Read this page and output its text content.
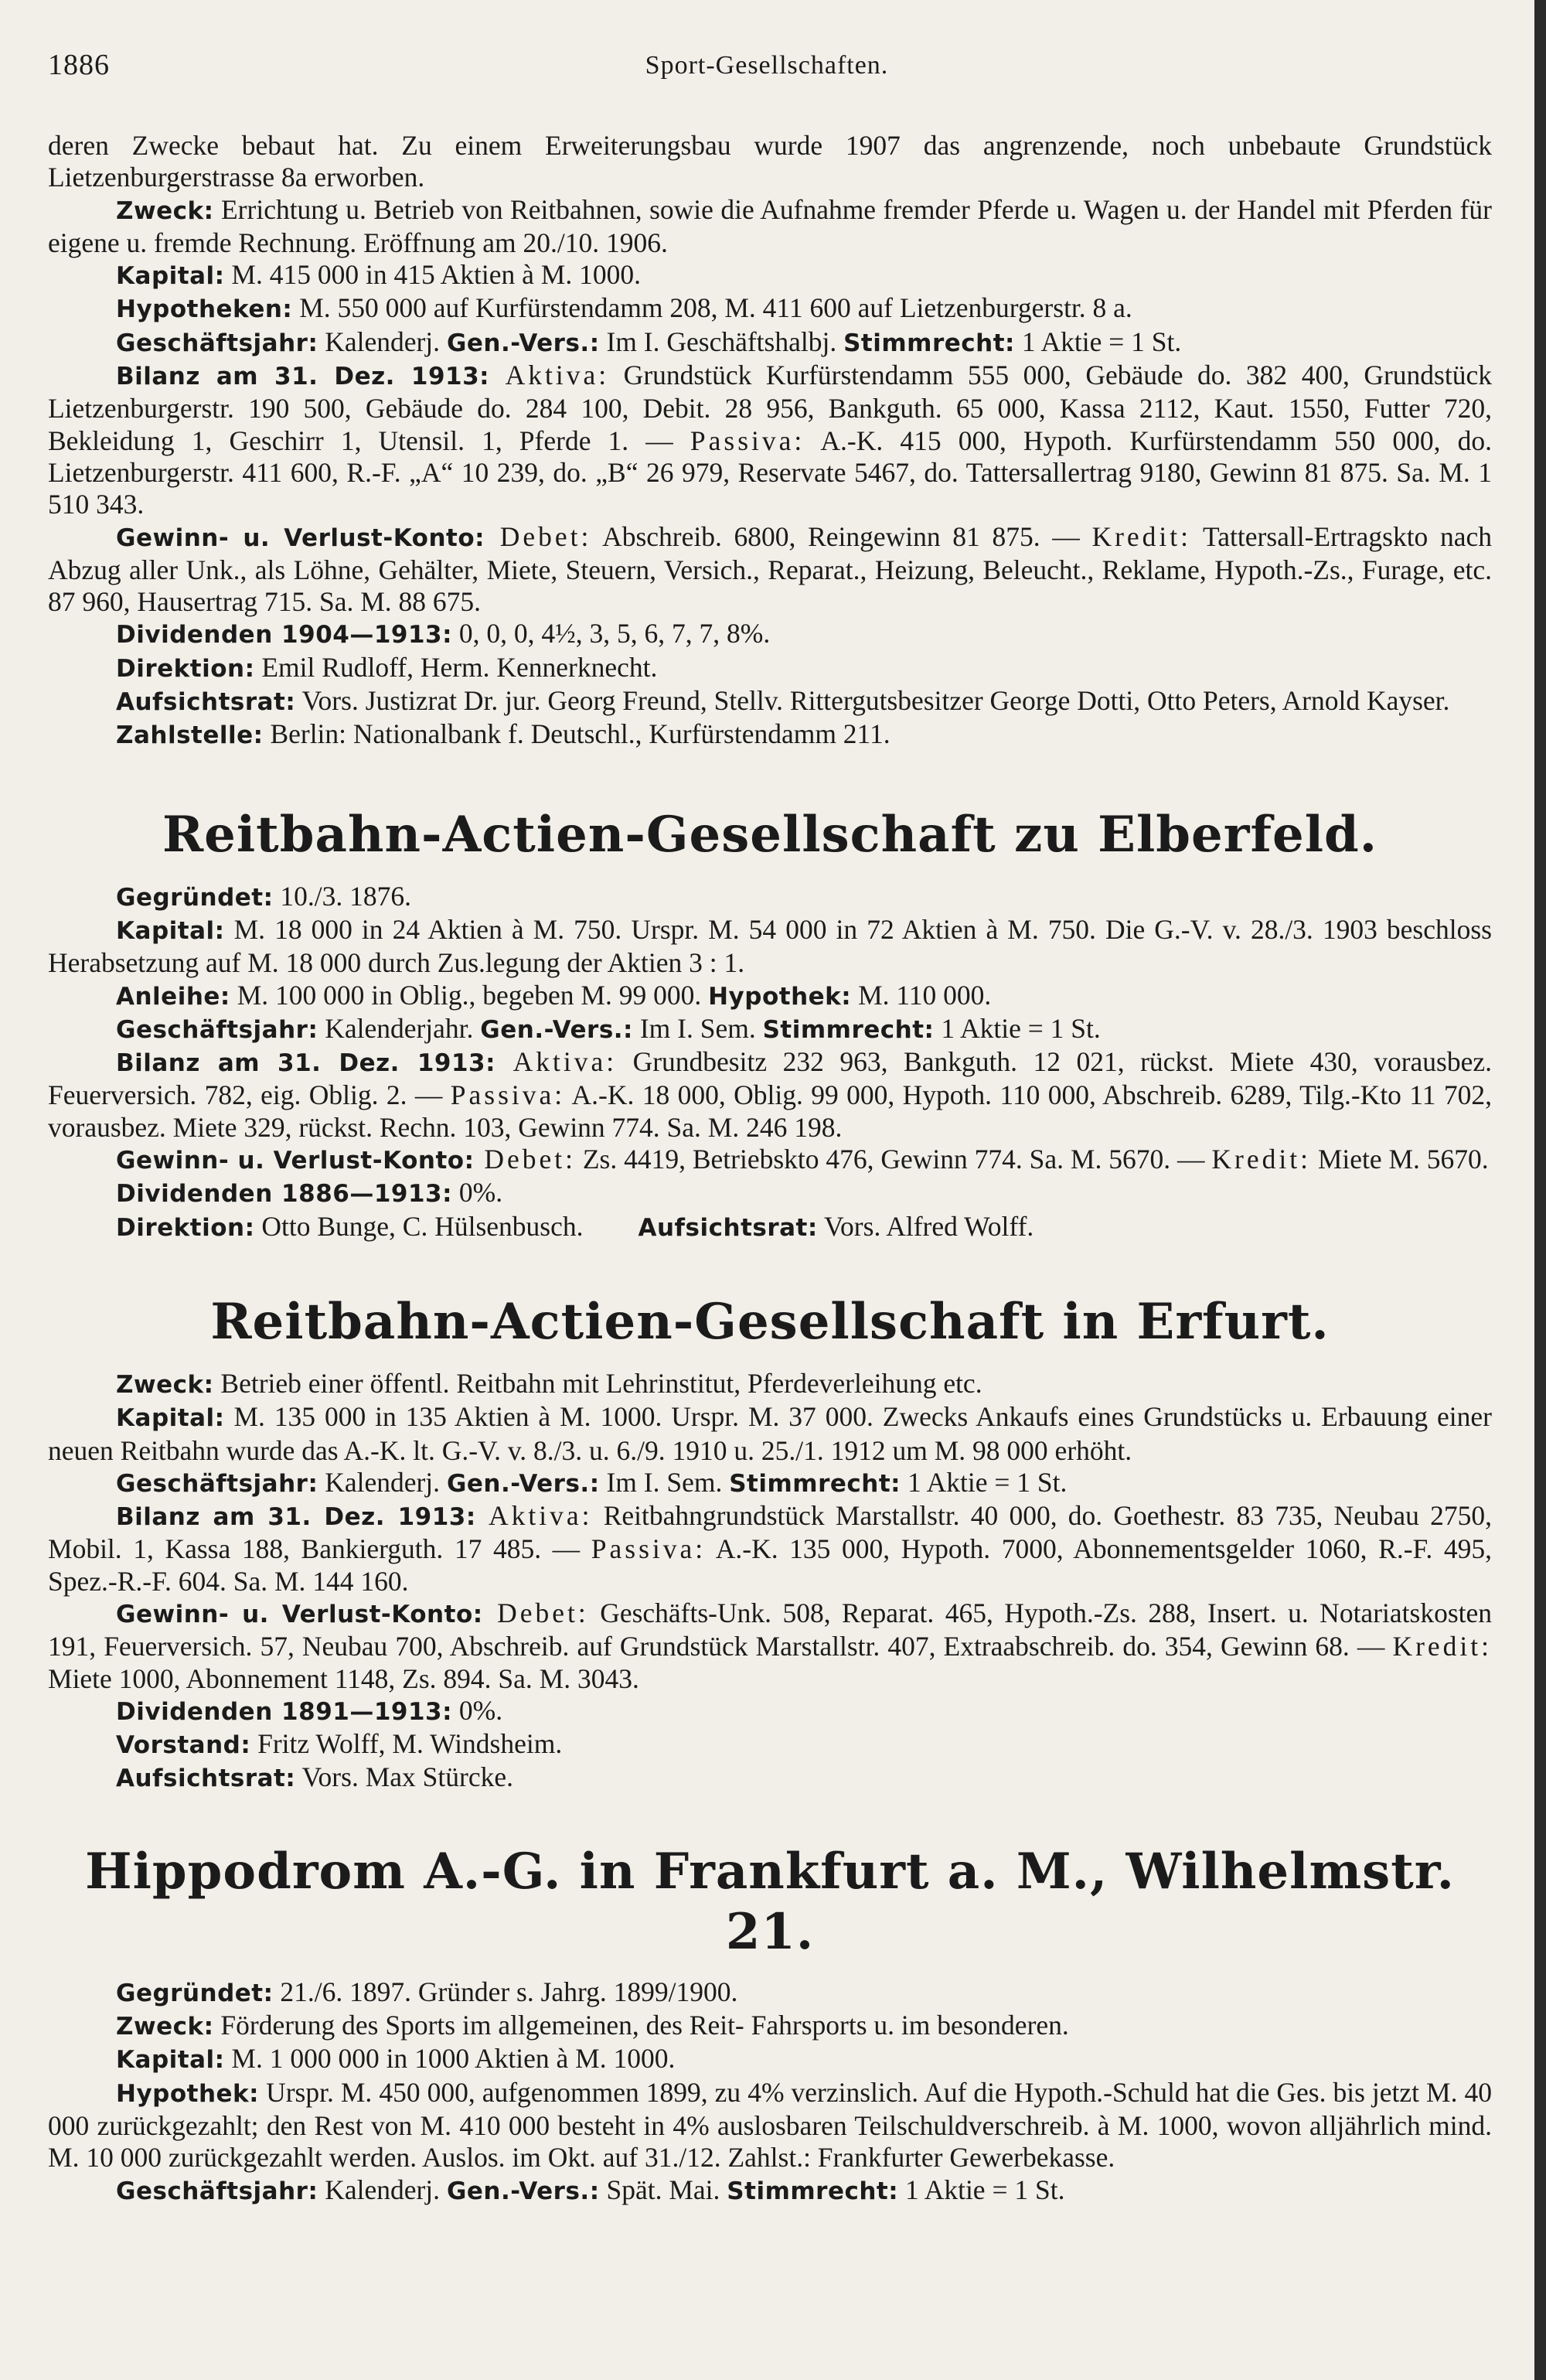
1886	Sport-Gesellschaften.

deren Zwecke bebaut hat. Zu einem Erweiterungsbau wurde 1907 das angrenzende, noch unbebaute Grundstück Lietzenburgerstrasse 8a erworben.

Zweck: Errichtung u. Betrieb von Reitbahnen, sowie die Aufnahme fremder Pferde u. Wagen u. der Handel mit Pferden für eigene u. fremde Rechnung. Eröffnung am 20./10. 1906.

Kapital: M. 415 000 in 415 Aktien à M. 1000.

Hypotheken: M. 550 000 auf Kurfürstendamm 208, M. 411 600 auf Lietzenburgerstr. 8 a.

Geschäftsjahr: Kalenderj. Gen.-Vers.: Im I. Geschäftshalbj. Stimmrecht: 1 Aktie = 1 St.

Bilanz am 31. Dez. 1913: Aktiva: Grundstück Kurfürstendamm 555 000, Gebäude do. 382 400, Grundstück Lietzenburgerstr. 190 500, Gebäude do. 284 100, Debit. 28 956, Bankguth. 65 000, Kassa 2112, Kaut. 1550, Futter 720, Bekleidung 1, Geschirr 1, Utensil. 1, Pferde 1. — Passiva: A.-K. 415 000, Hypoth. Kurfürstendamm 550 000, do. Lietzenburgerstr. 411 600, R.-F. „A“ 10 239, do. „B“ 26 979, Reservate 5467, do. Tattersallertrag 9180, Gewinn 81 875. Sa. M. 1 510 343.

Gewinn- u. Verlust-Konto: Debet: Abschreib. 6800, Reingewinn 81 875. — Kredit: Tattersall-Ertragskto nach Abzug aller Unk., als Löhne, Gehälter, Miete, Steuern, Versich., Reparat., Heizung, Beleucht., Reklame, Hypoth.-Zs., Furage, etc. 87 960, Hausertrag 715. Sa. M. 88 675.

Dividenden 1904—1913: 0, 0, 0, 4½, 3, 5, 6, 7, 7, 8%.

Direktion: Emil Rudloff, Herm. Kennerknecht.

Aufsichtsrat: Vors. Justizrat Dr. jur. Georg Freund, Stellv. Rittergutsbesitzer George Dotti, Otto Peters, Arnold Kayser.

Zahlstelle: Berlin: Nationalbank f. Deutschl., Kurfürstendamm 211.

Reitbahn-Actien-Gesellschaft zu Elberfeld.

Gegründet: 10./3. 1876.

Kapital: M. 18 000 in 24 Aktien à M. 750. Urspr. M. 54 000 in 72 Aktien à M. 750. Die G.-V. v. 28./3. 1903 beschloss Herabsetzung auf M. 18 000 durch Zus.legung der Aktien 3 : 1.

Anleihe: M. 100 000 in Oblig., begeben M. 99 000. Hypothek: M. 110 000.

Geschäftsjahr: Kalenderjahr. Gen.-Vers.: Im I. Sem. Stimmrecht: 1 Aktie = 1 St.

Bilanz am 31. Dez. 1913: Aktiva: Grundbesitz 232 963, Bankguth. 12 021, rückst. Miete 430, vorausbez. Feuerversich. 782, eig. Oblig. 2. — Passiva: A.-K. 18 000, Oblig. 99 000, Hypoth. 110 000, Abschreib. 6289, Tilg.-Kto 11 702, vorausbez. Miete 329, rückst. Rechn. 103, Gewinn 774. Sa. M. 246 198.

Gewinn- u. Verlust-Konto: Debet: Zs. 4419, Betriebskto 476, Gewinn 774. Sa. M. 5670. — Kredit: Miete M. 5670.

Dividenden 1886—1913: 0%.

Direktion: Otto Bunge, C. Hülsenbusch. Aufsichtsrat: Vors. Alfred Wolff.

Reitbahn-Actien-Gesellschaft in Erfurt.

Zweck: Betrieb einer öffentl. Reitbahn mit Lehrinstitut, Pferdeverleihung etc.

Kapital: M. 135 000 in 135 Aktien à M. 1000. Urspr. M. 37 000. Zwecks Ankaufs eines Grundstücks u. Erbauung einer neuen Reitbahn wurde das A.-K. lt. G.-V. v. 8./3. u. 6./9. 1910 u. 25./1. 1912 um M. 98 000 erhöht.

Geschäftsjahr: Kalenderj. Gen.-Vers.: Im I. Sem. Stimmrecht: 1 Aktie = 1 St.

Bilanz am 31. Dez. 1913: Aktiva: Reitbahngrundstück Marstallstr. 40 000, do. Goethestr. 83 735, Neubau 2750, Mobil. 1, Kassa 188, Bankierguth. 17 485. — Passiva: A.-K. 135 000, Hypoth. 7000, Abonnementsgelder 1060, R.-F. 495, Spez.-R.-F. 604. Sa. M. 144 160.

Gewinn- u. Verlust-Konto: Debet: Geschäfts-Unk. 508, Reparat. 465, Hypoth.-Zs. 288, Insert. u. Notariatskosten 191, Feuerversich. 57, Neubau 700, Abschreib. auf Grundstück Marstallstr. 407, Extraabschreib. do. 354, Gewinn 68. — Kredit: Miete 1000, Abonnement 1148, Zs. 894. Sa. M. 3043.

Dividenden 1891—1913: 0%.

Vorstand: Fritz Wolff, M. Windsheim.

Aufsichtsrat: Vors. Max Stürcke.

Hippodrom A.-G. in Frankfurt a. M., Wilhelmstr. 21.

Gegründet: 21./6. 1897. Gründer s. Jahrg. 1899/1900.

Zweck: Förderung des Sports im allgemeinen, des Reit- Fahrsports u. im besonderen.

Kapital: M. 1 000 000 in 1000 Aktien à M. 1000.

Hypothek: Urspr. M. 450 000, aufgenommen 1899, zu 4% verzinslich. Auf die Hypoth.-Schuld hat die Ges. bis jetzt M. 40 000 zurückgezahlt; den Rest von M. 410 000 besteht in 4% auslosbaren Teilschuldverschreib. à M. 1000, wovon alljährlich mind. M. 10 000 zurückgezahlt werden. Auslos. im Okt. auf 31./12. Zahlst.: Frankfurter Gewerbekasse.

Geschäftsjahr: Kalenderj. Gen.-Vers.: Spät. Mai. Stimmrecht: 1 Aktie = 1 St.
